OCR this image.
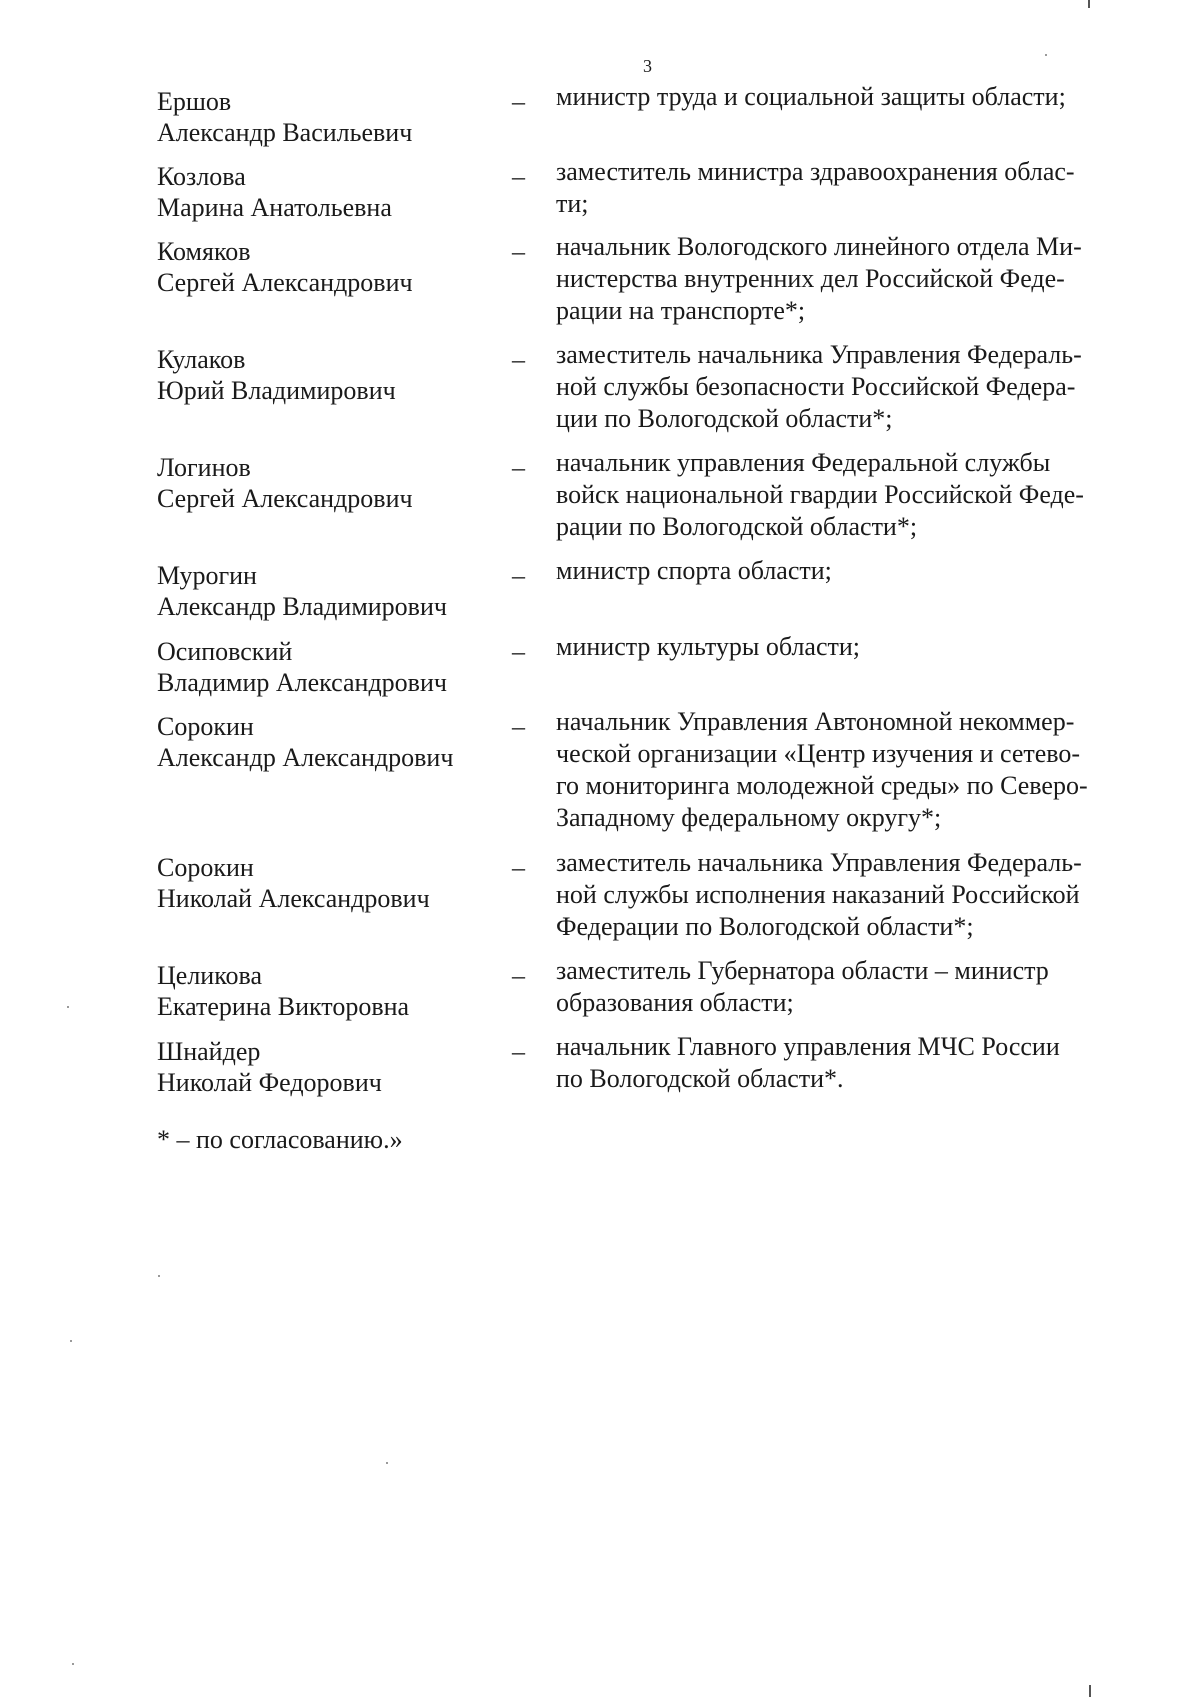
3
Ершов
Александр Васильевич
– министр труда и социальной защиты области;
Козлова
Марина Анатольевна
– заместитель министра здравоохранения облас-
ти;
Комяков
Сергей Александрович
– начальник Вологодского линейного отдела Ми-
нистерства внутренних дел Российской Феде-
рации на транспорте*;
Кулаков
Юрий Владимирович
– заместитель начальника Управления Федераль-
ной службы безопасности Российской Федера-
ции по Вологодской области*;
Логинов
Сергей Александрович
– начальник управления Федеральной службы
войск национальной гвардии Российской Феде-
рации по Вологодской области*;
Мурогин
Александр Владимирович
– министр спорта области;
Осиповский
Владимир Александрович
– министр культуры области;
Сорокин
Александр Александрович
– начальник Управления Автономной некоммер-
ческой организации «Центр изучения и сетево-
го мониторинга молодежной среды» по Северо-
Западному федеральному округу*;
Сорокин
Николай Александрович
– заместитель начальника Управления Федераль-
ной службы исполнения наказаний Российской
Федерации по Вологодской области*;
Целикова
Екатерина Викторовна
– заместитель Губернатора области – министр
образования области;
Шнайдер
Николай Федорович
– начальник Главного управления МЧС России
по Вологодской области*.
* – по согласованию.»
